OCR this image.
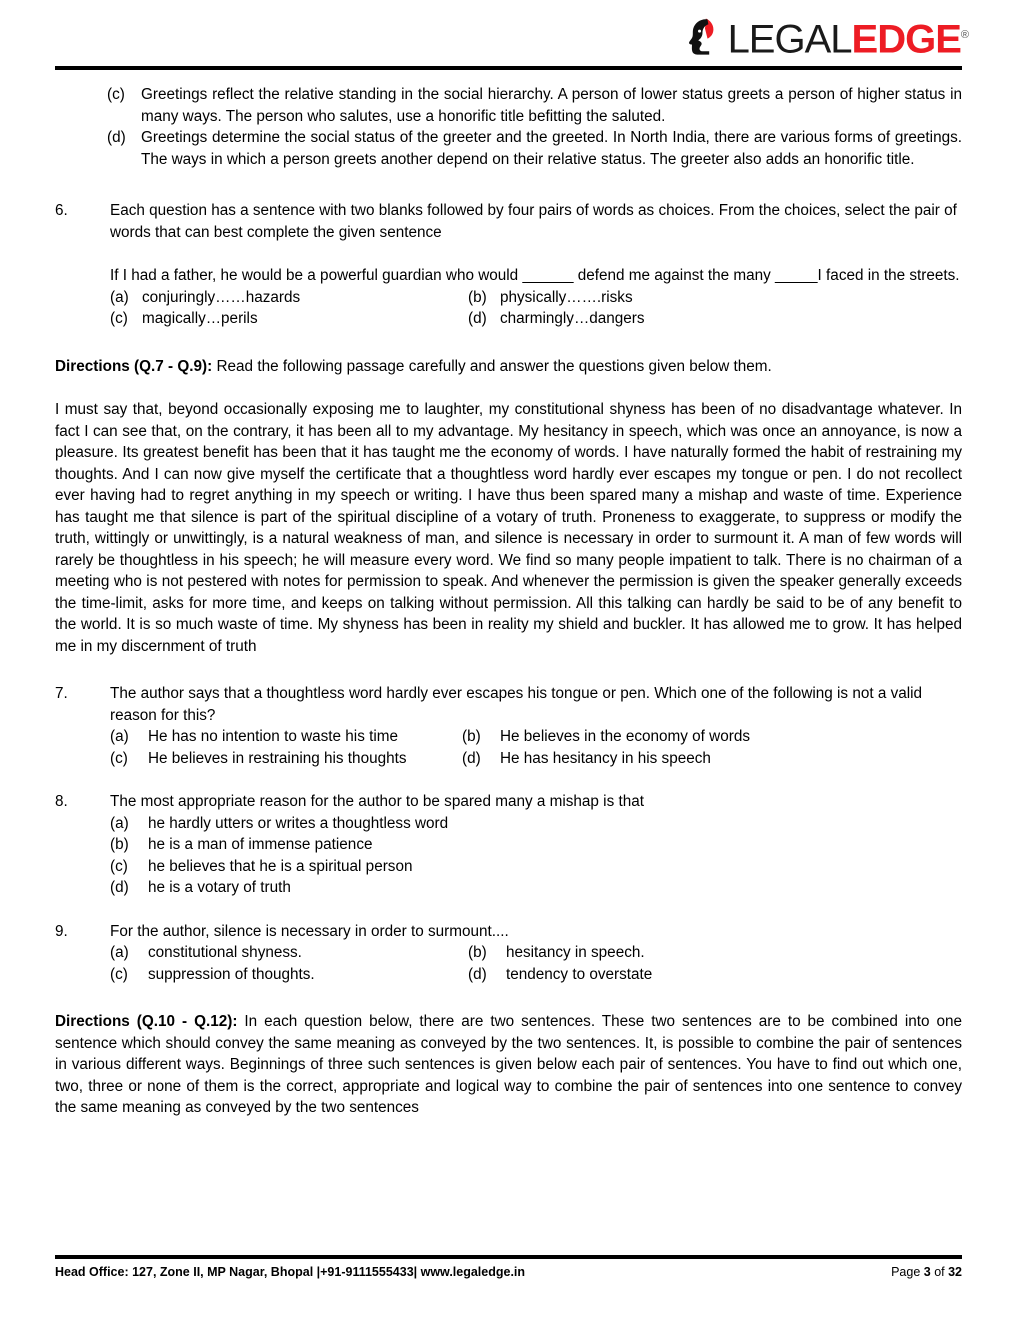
LEGALEDGE®
(c)	Greetings reflect the relative standing in the social hierarchy. A person of lower status greets a person of higher status in many ways. The person who salutes, use a honorific title befitting the saluted.
(d) Greetings determine the social status of the greeter and the greeted. In North India, there are various forms of greetings. The ways in which a person greets another depend on their relative status. The greeter also adds an honorific title.
6.	Each question has a sentence with two blanks followed by four pairs of words as choices. From the choices, select the pair of words that can best complete the given sentence

If I had a father, he would be a powerful guardian who would ______ defend me against the many _____I faced in the streets.

(a) conjuringly……hazards	(b) physically…….risks
(c) magically…perils	(d) charmingly…dangers

Directions (Q.7 - Q.9): Read the following passage carefully and answer the questions given below them.

I must say that, beyond occasionally exposing me to laughter, my constitutional shyness has been of no disadvantage whatever. In fact I can see that, on the contrary, it has been all to my advantage. My hesitancy in speech, which was once an annoyance, is now a pleasure. Its greatest benefit has been that it has taught me the economy of words. I have naturally formed the habit of restraining my thoughts. And I can now give myself the certificate that a thoughtless word hardly ever escapes my tongue or pen. I do not recollect ever having had to regret anything in my speech or writing. I have thus been spared many a mishap and waste of time. Experience has taught me that silence is part of the spiritual discipline of a votary of truth. Proneness to exaggerate, to suppress or modify the truth, wittingly or unwittingly, is a natural weakness of man, and silence is necessary in order to surmount it. A man of few words will rarely be thoughtless in his speech; he will measure every word. We find so many people impatient to talk. There is no chairman of a meeting who is not pestered with notes for permission to speak. And whenever the permission is given the speaker generally exceeds the time-limit, asks for more time, and keeps on talking without permission. All this talking can hardly be said to be of any benefit to the world. It is so much waste of time. My shyness has been in reality my shield and buckler. It has allowed me to grow. It has helped me in my discernment of truth

7.	The author says that a thoughtless word hardly ever escapes his tongue or pen. Which one of the following is not a valid reason for this?

(a)	He has no intention to waste his time	(b)	He believes in the economy of words
(c)	He believes in restraining his thoughts	(d)	He has hesitancy in his speech
8.	The most appropriate reason for the author to be spared many a mishap is that

(a)	he hardly utters or writes a thoughtless word
(b)	he is a man of immense patience
(c)	he believes that he is a spiritual person
(d)	he is a votary of truth
9.	For the author, silence is necessary in order to surmount....

(a)	constitutional shyness.	(b)	hesitancy in speech.
(c)	suppression of thoughts.	(d)	tendency to overstate

Directions (Q.10 - Q.12): In each question below, there are two sentences. These two sentences are to be combined into one sentence which should convey the same meaning as conveyed by the two sentences. It, is possible to combine the pair of sentences in various different ways. Beginnings of three such sentences is given below each pair of sentences. You have to find out which one, two, three or none of them is the correct, appropriate and logical way to combine the pair of sentences into one sentence to convey the same meaning as conveyed by the two sentences

Head Office: 127, Zone II, MP Nagar, Bhopal |+91-9111555433| www.legaledge.in	Page 3 of 32
